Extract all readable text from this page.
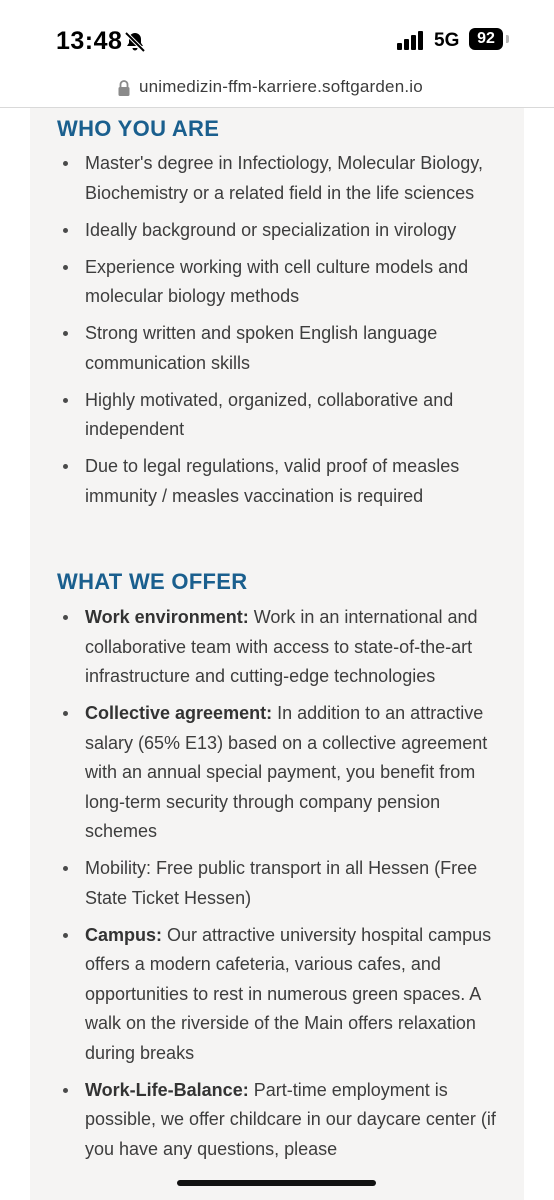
13:48	5G	92
unimedizin-ffm-karriere.softgarden.io
WHO YOU ARE
Master's degree in Infectiology, Molecular Biology, Biochemistry or a related field in the life sciences
Ideally background or specialization in virology
Experience working with cell culture models and molecular biology methods
Strong written and spoken English language communication skills
Highly motivated, organized, collaborative and independent
Due to legal regulations, valid proof of measles immunity / measles vaccination is required
WHAT WE OFFER
Work environment: Work in an international and collaborative team with access to state-of-the-art infrastructure and cutting-edge technologies
Collective agreement: In addition to an attractive salary (65% E13) based on a collective agreement with an annual special payment, you benefit from long-term security through company pension schemes
Mobility: Free public transport in all Hessen (Free State Ticket Hessen)
Campus: Our attractive university hospital campus offers a modern cafeteria, various cafes, and opportunities to rest in numerous green spaces. A walk on the riverside of the Main offers relaxation during breaks
Work-Life-Balance: Part-time employment is possible, we offer childcare in our daycare center (if you have any questions, please
